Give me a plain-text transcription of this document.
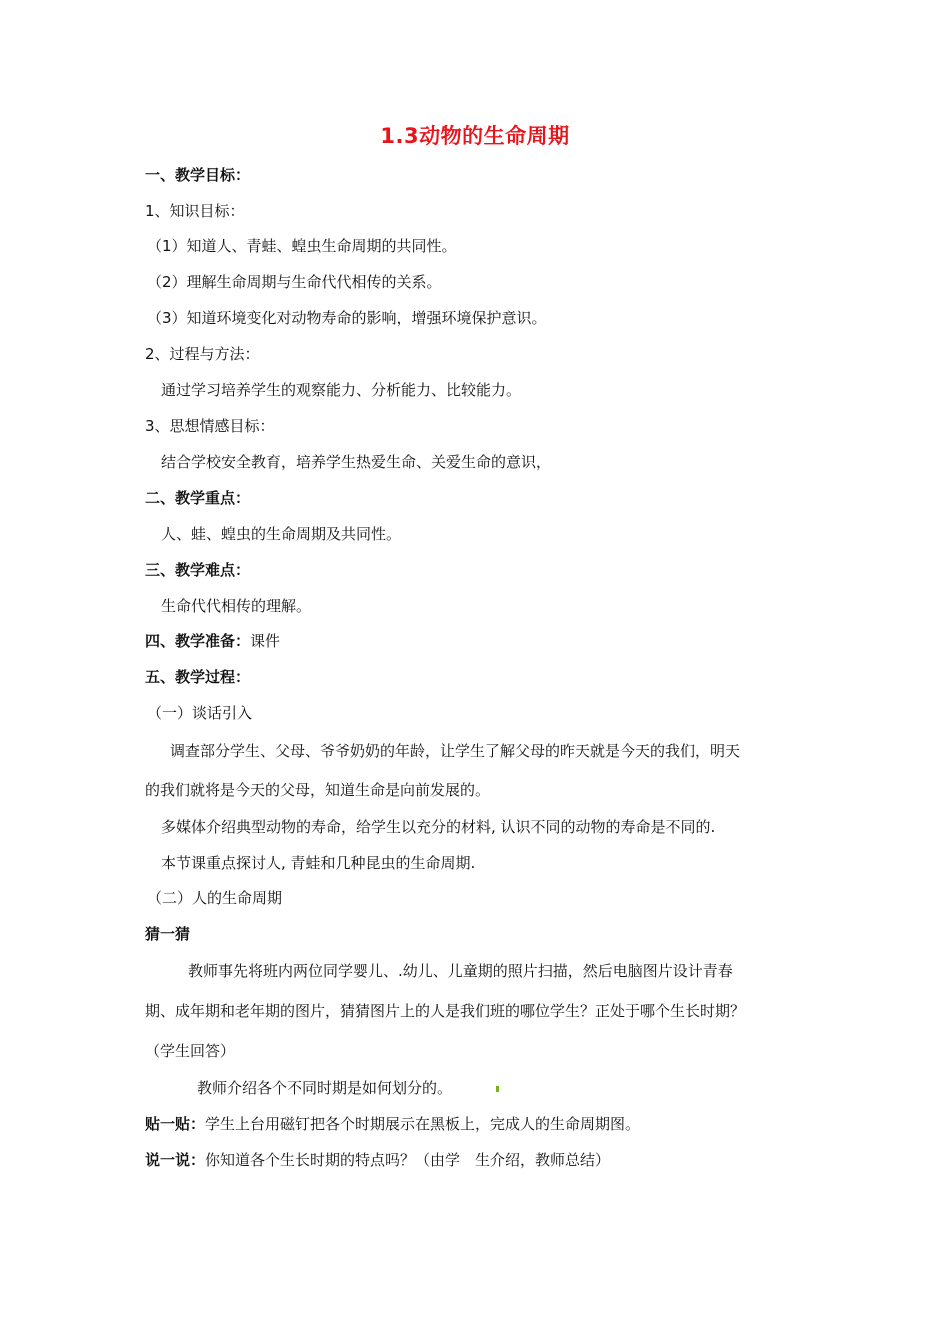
1.3动物的生命周期
一、教学目标：
1、知识目标：
（1）知道人、青蛙、蝗虫生命周期的共同性。
（2）理解生命周期与生命代代相传的关系。
（3）知道环境变化对动物寿命的影响，增强环境保护意识。
2、过程与方法：
通过学习培养学生的观察能力、分析能力、比较能力。
3、思想情感目标：
结合学校安全教育，培养学生热爱生命、关爱生命的意识，
二、教学重点：
人、蛙、蝗虫的生命周期及共同性。
三、教学难点：
生命代代相传的理解。
四、教学准备：课件
五、教学过程：
（一）谈话引入
调查部分学生、父母、爷爷奶奶的年龄，让学生了解父母的昨天就是今天的我们，明天
的我们就将是今天的父母，知道生命是向前发展的。
多媒体介绍典型动物的寿命，给学生以充分的材料, 认识不同的动物的寿命是不同的.
本节课重点探讨人, 青蛙和几种昆虫的生命周期.
（二）人的生命周期
猜一猜
教师事先将班内两位同学婴儿、.幼儿、儿童期的照片扫描，然后电脑图片设计青春
期、成年期和老年期的图片，猜猜图片上的人是我们班的哪位学生？正处于哪个生长时期？
（学生回答）
教师介绍各个不同时期是如何划分的。
贴一贴：学生上台用磁钉把各个时期展示在黑板上，完成人的生命周期图。
说一说：你知道各个生长时期的特点吗？（由学　生介绍，教师总结）
